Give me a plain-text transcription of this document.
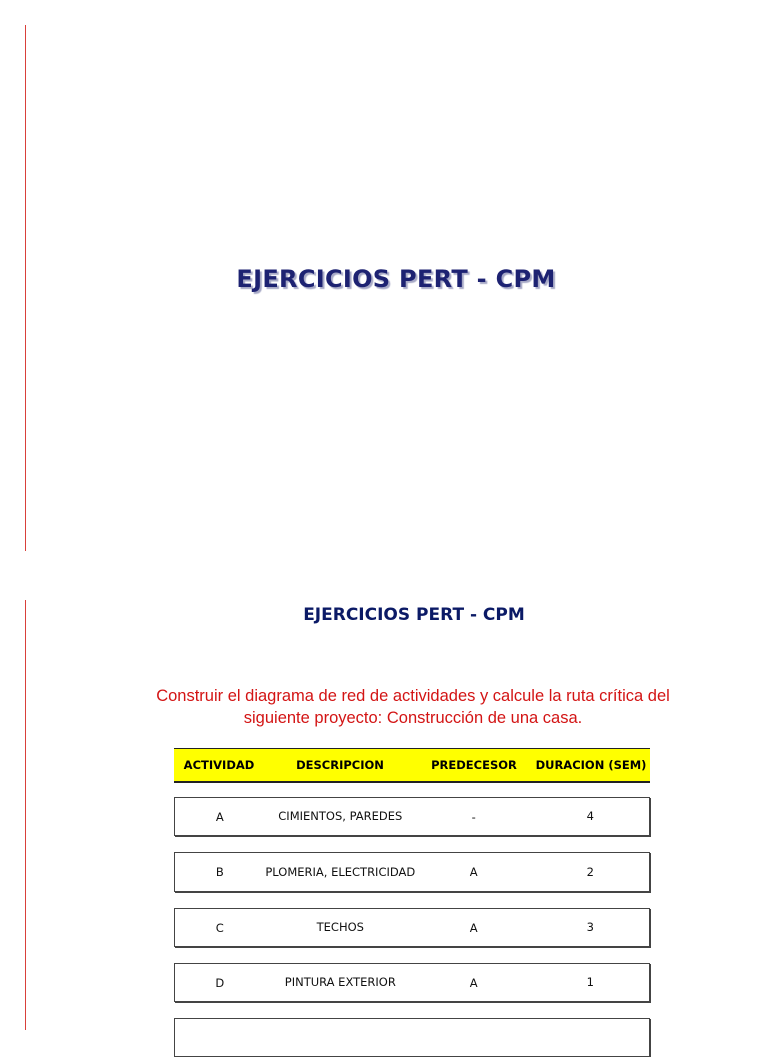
EJERCICIOS PERT - CPM
EJERCICIOS PERT - CPM
Construir el diagrama de red de actividades y calcule la ruta crítica del siguiente proyecto: Construcción de una casa.
ACTIVIDAD	DESCRIPCION	PREDECESOR	DURACION (SEM)
A	CIMIENTOS, PAREDES	-	4
B	PLOMERIA, ELECTRICIDAD	A	2
C	TECHOS	A	3
D	PINTURA EXTERIOR	A	1
